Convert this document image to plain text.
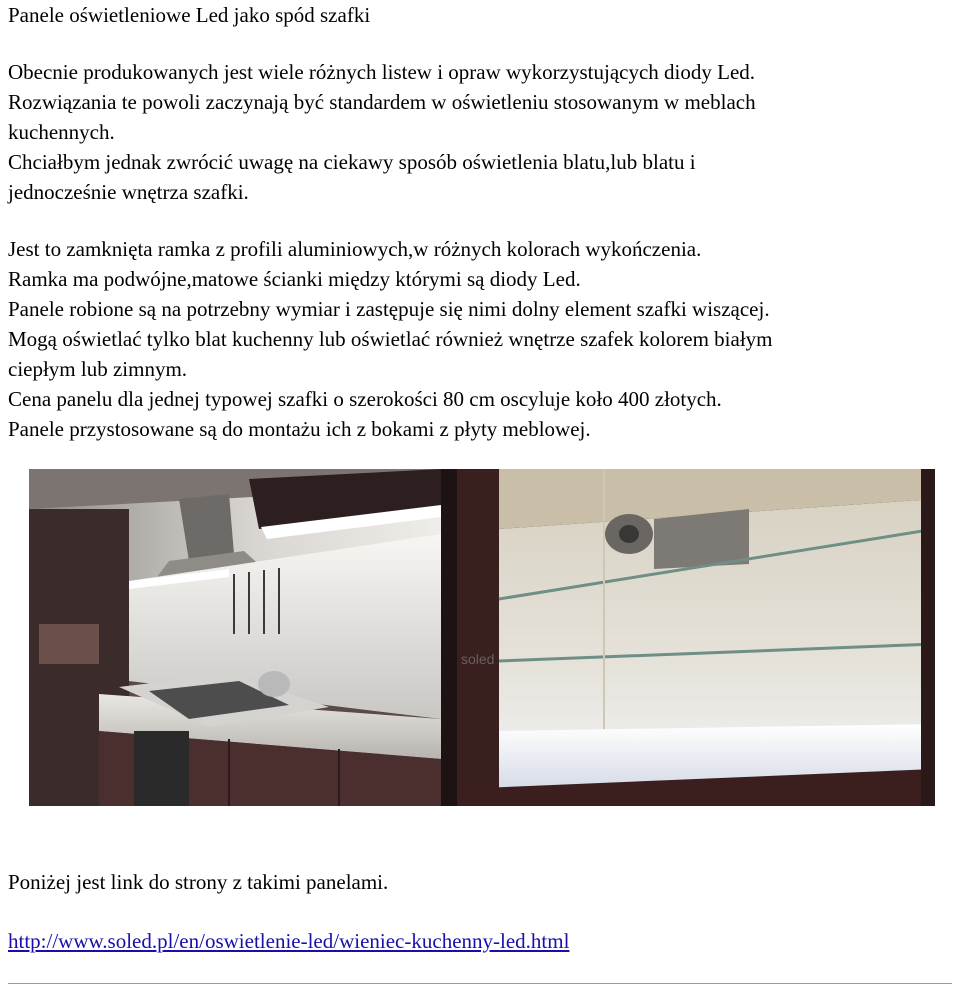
Panele oświetleniowe Led jako spód szafki

Obecnie produkowanych jest wiele różnych listew i opraw wykorzystujących diody Led.

Rozwiązania te powoli zaczynają być standardem w oświetleniu stosowanym w meblach

kuchennych.

Chciałbym jednak zwrócić uwagę na ciekawy sposób oświetlenia blatu,lub blatu i

jednocześnie wnętrza szafki.

Jest to zamknięta ramka z profili aluminiowych,w różnych kolorach wykończenia.

Ramka ma podwójne,matowe ścianki między którymi są diody Led.

Panele robione są na potrzebny wymiar i zastępuje się nimi dolny element szafki wiszącej.

Mogą oświetlać tylko blat kuchenny lub oświetlać również wnętrze szafek kolorem białym

ciepłym lub zimnym.

Cena panelu dla jednej typowej szafki o szerokości 80 cm oscyluje koło 400 złotych.

Panele przystosowane są do montażu ich z bokami z płyty meblowej.

soled

Poniżej jest link do strony z takimi panelami.

http://www.soled.pl/en/oswietlenie-led/wieniec-kuchenny-led.html
